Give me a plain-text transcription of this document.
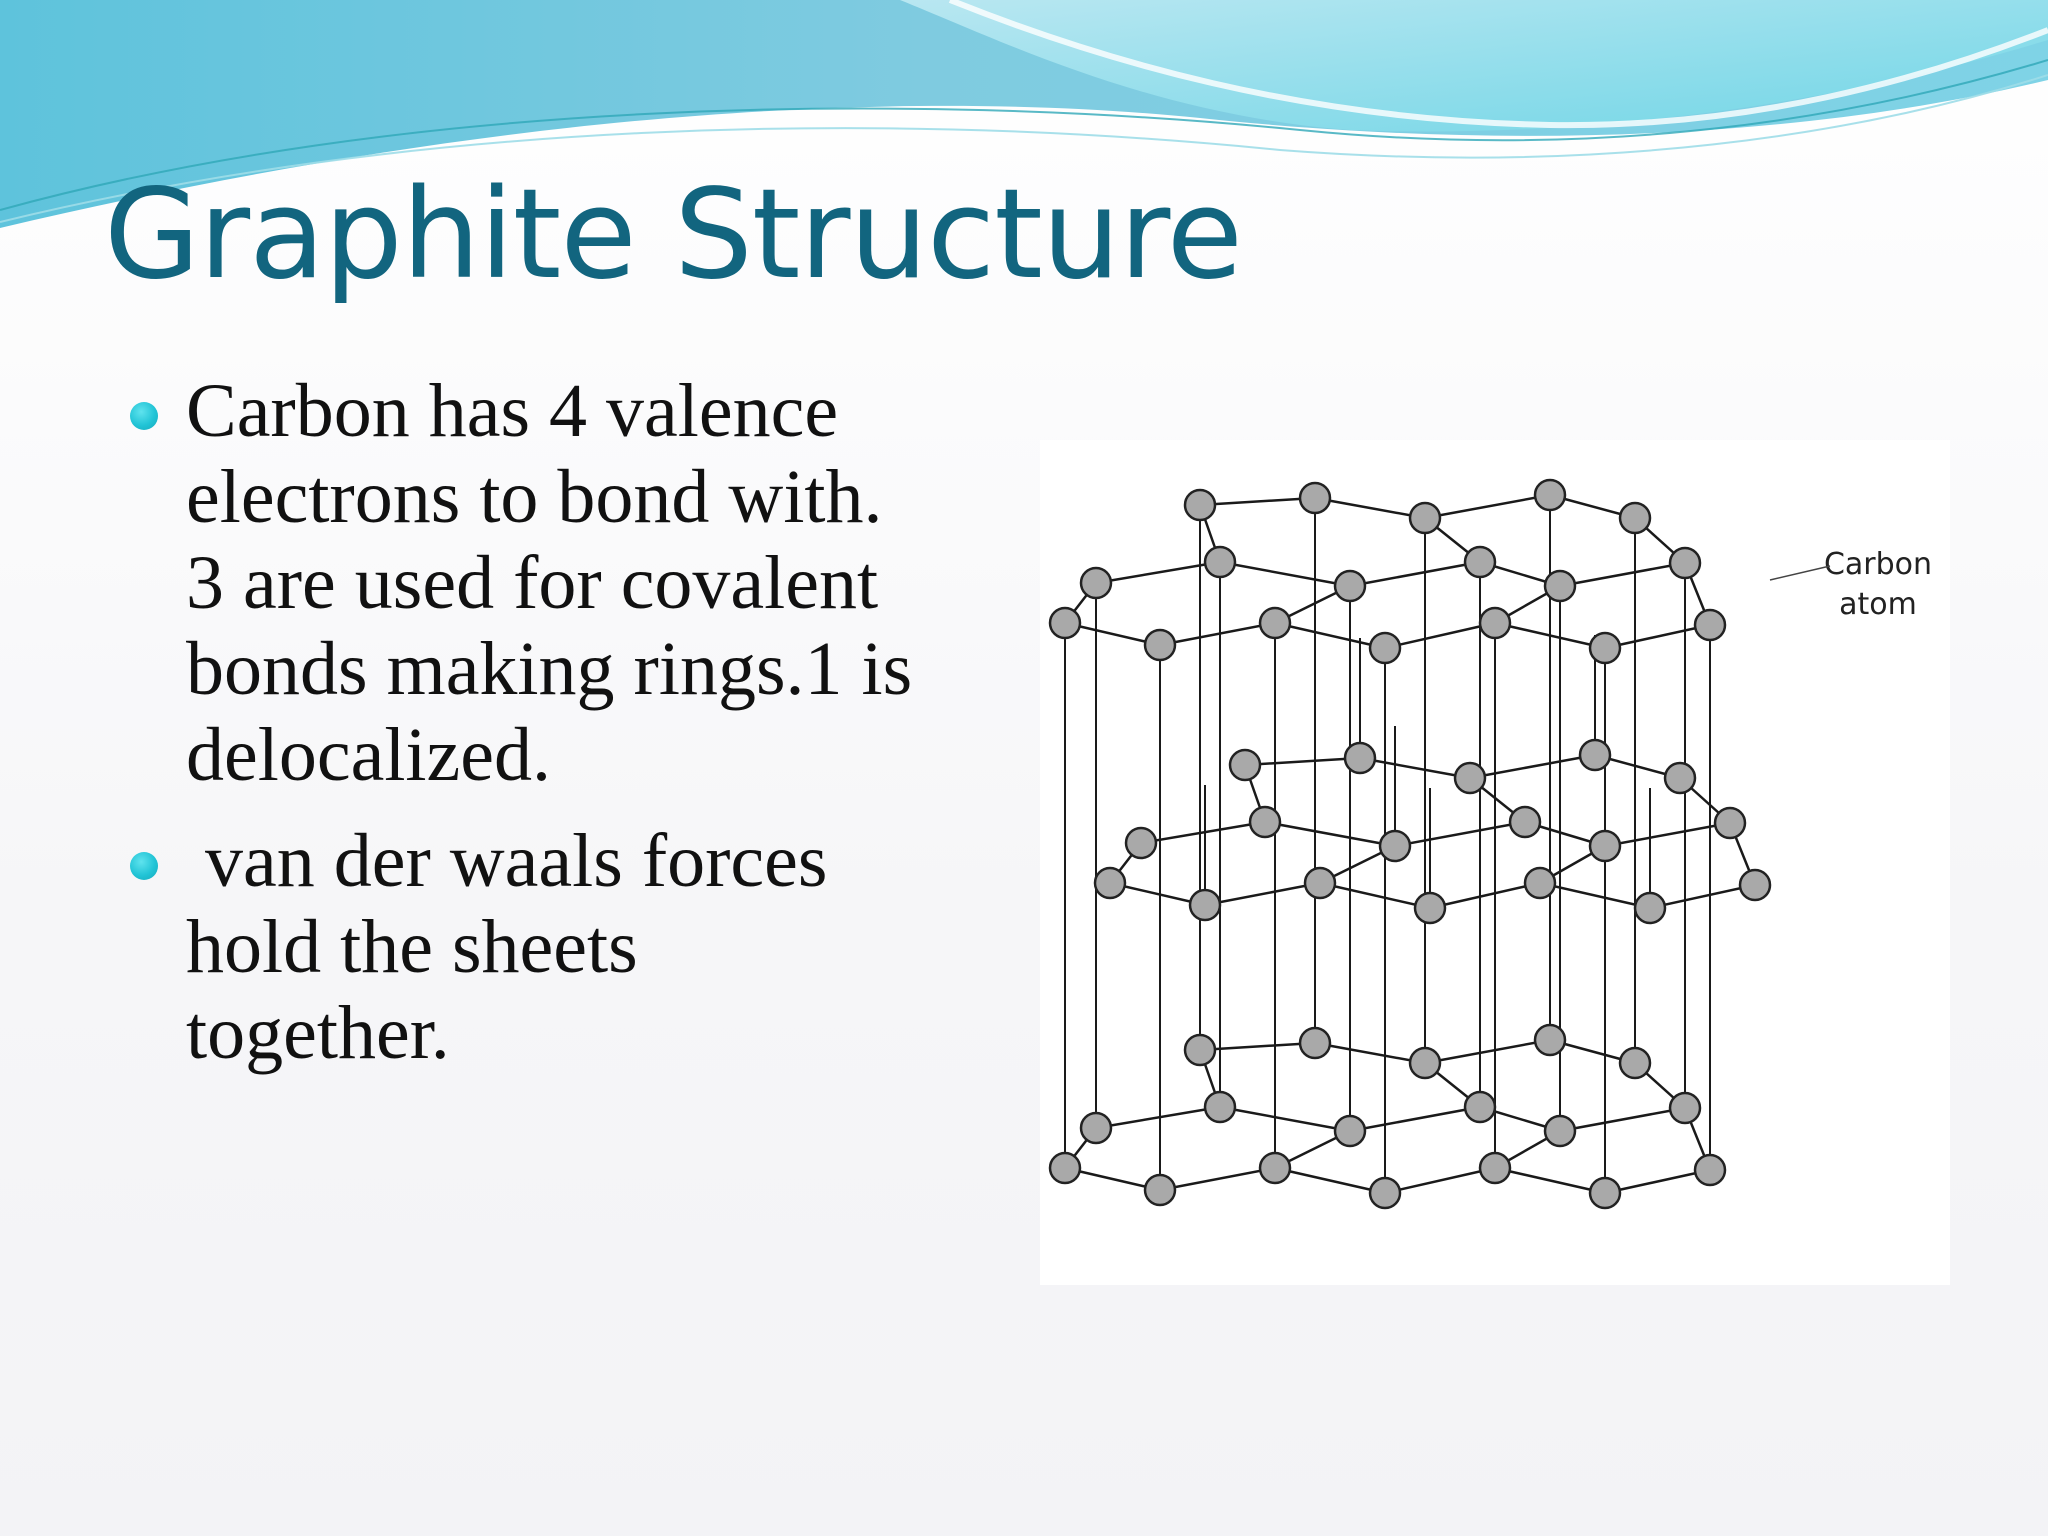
Graphite Structure
Carbon has 4 valence
electrons to bond with.
3 are used for covalent
bonds making rings.1 is
delocalized.
van der waals forces
hold the sheets
together.
Carbon
atom
